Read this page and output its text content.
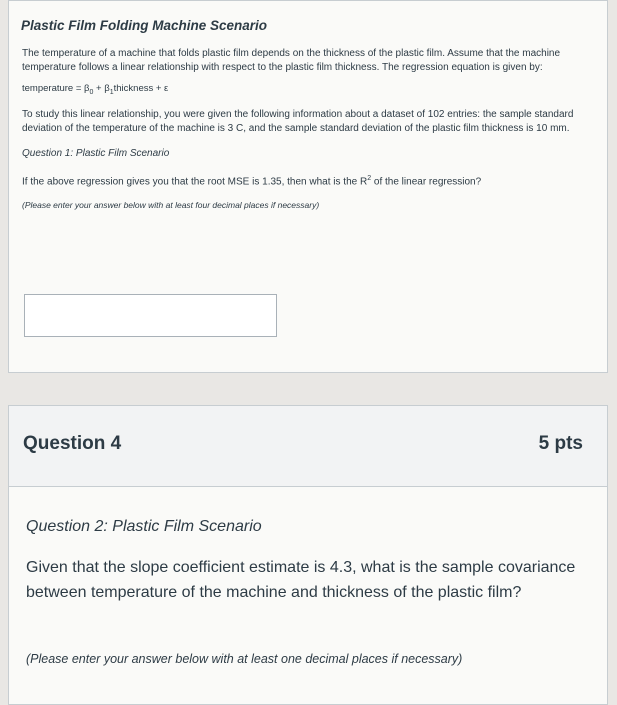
Plastic Film Folding Machine Scenario
The temperature of a machine that folds plastic film depends on the thickness of the plastic film. Assume that the machine temperature follows a linear relationship with respect to the plastic film thickness. The regression equation is given by:
temperature = $\beta_0$ + $\beta_1thickness + \varepsilon$
To study this linear relationship, you were given the following information about a dataset of 102 entries: the sample standard deviation of the temperature of the machine is 3 C, and the sample standard deviation of the plastic film thickness is 10 mm.
Question 1: Plastic Film Scenario
If the above regression gives you that the root MSE is 1.35, then what is the $R^2$ of the linear regression?
(Please enter your answer below with at least four decimal places if necessary)
Question 4	5 pts
Question 2: Plastic Film Scenario
Given that the slope coefficient estimate is 4.3, what is the sample covariance between temperature of the machine and thickness of the plastic film?
(Please enter your answer below with at least one decimal places if necessary)
